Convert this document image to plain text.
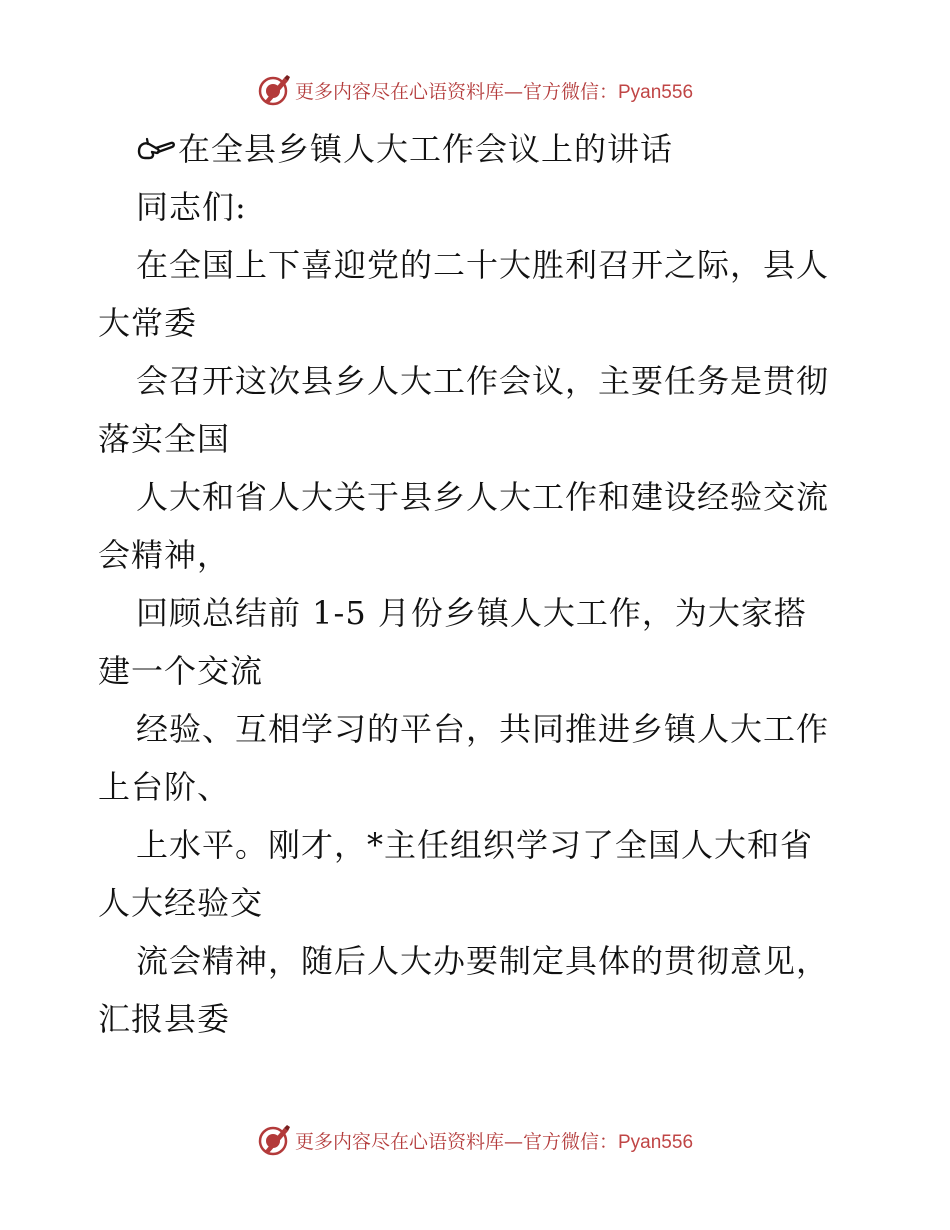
更多内容尽在心语资料库—官方微信：Pyan556
在全县乡镇人大工作会议上的讲话
同志们:
在全国上下喜迎党的二十大胜利召开之际，县人
大常委
会召开这次县乡人大工作会议，主要任务是贯彻
落实全国
人大和省人大关于县乡人大工作和建设经验交流
会精神，
回顾总结前 1-5 月份乡镇人大工作，为大家搭
建一个交流
经验、互相学习的平台，共同推进乡镇人大工作
上台阶、
上水平。刚才，*主任组织学习了全国人大和省
人大经验交
流会精神，随后人大办要制定具体的贯彻意见，
汇报县委
更多内容尽在心语资料库—官方微信：Pyan556
